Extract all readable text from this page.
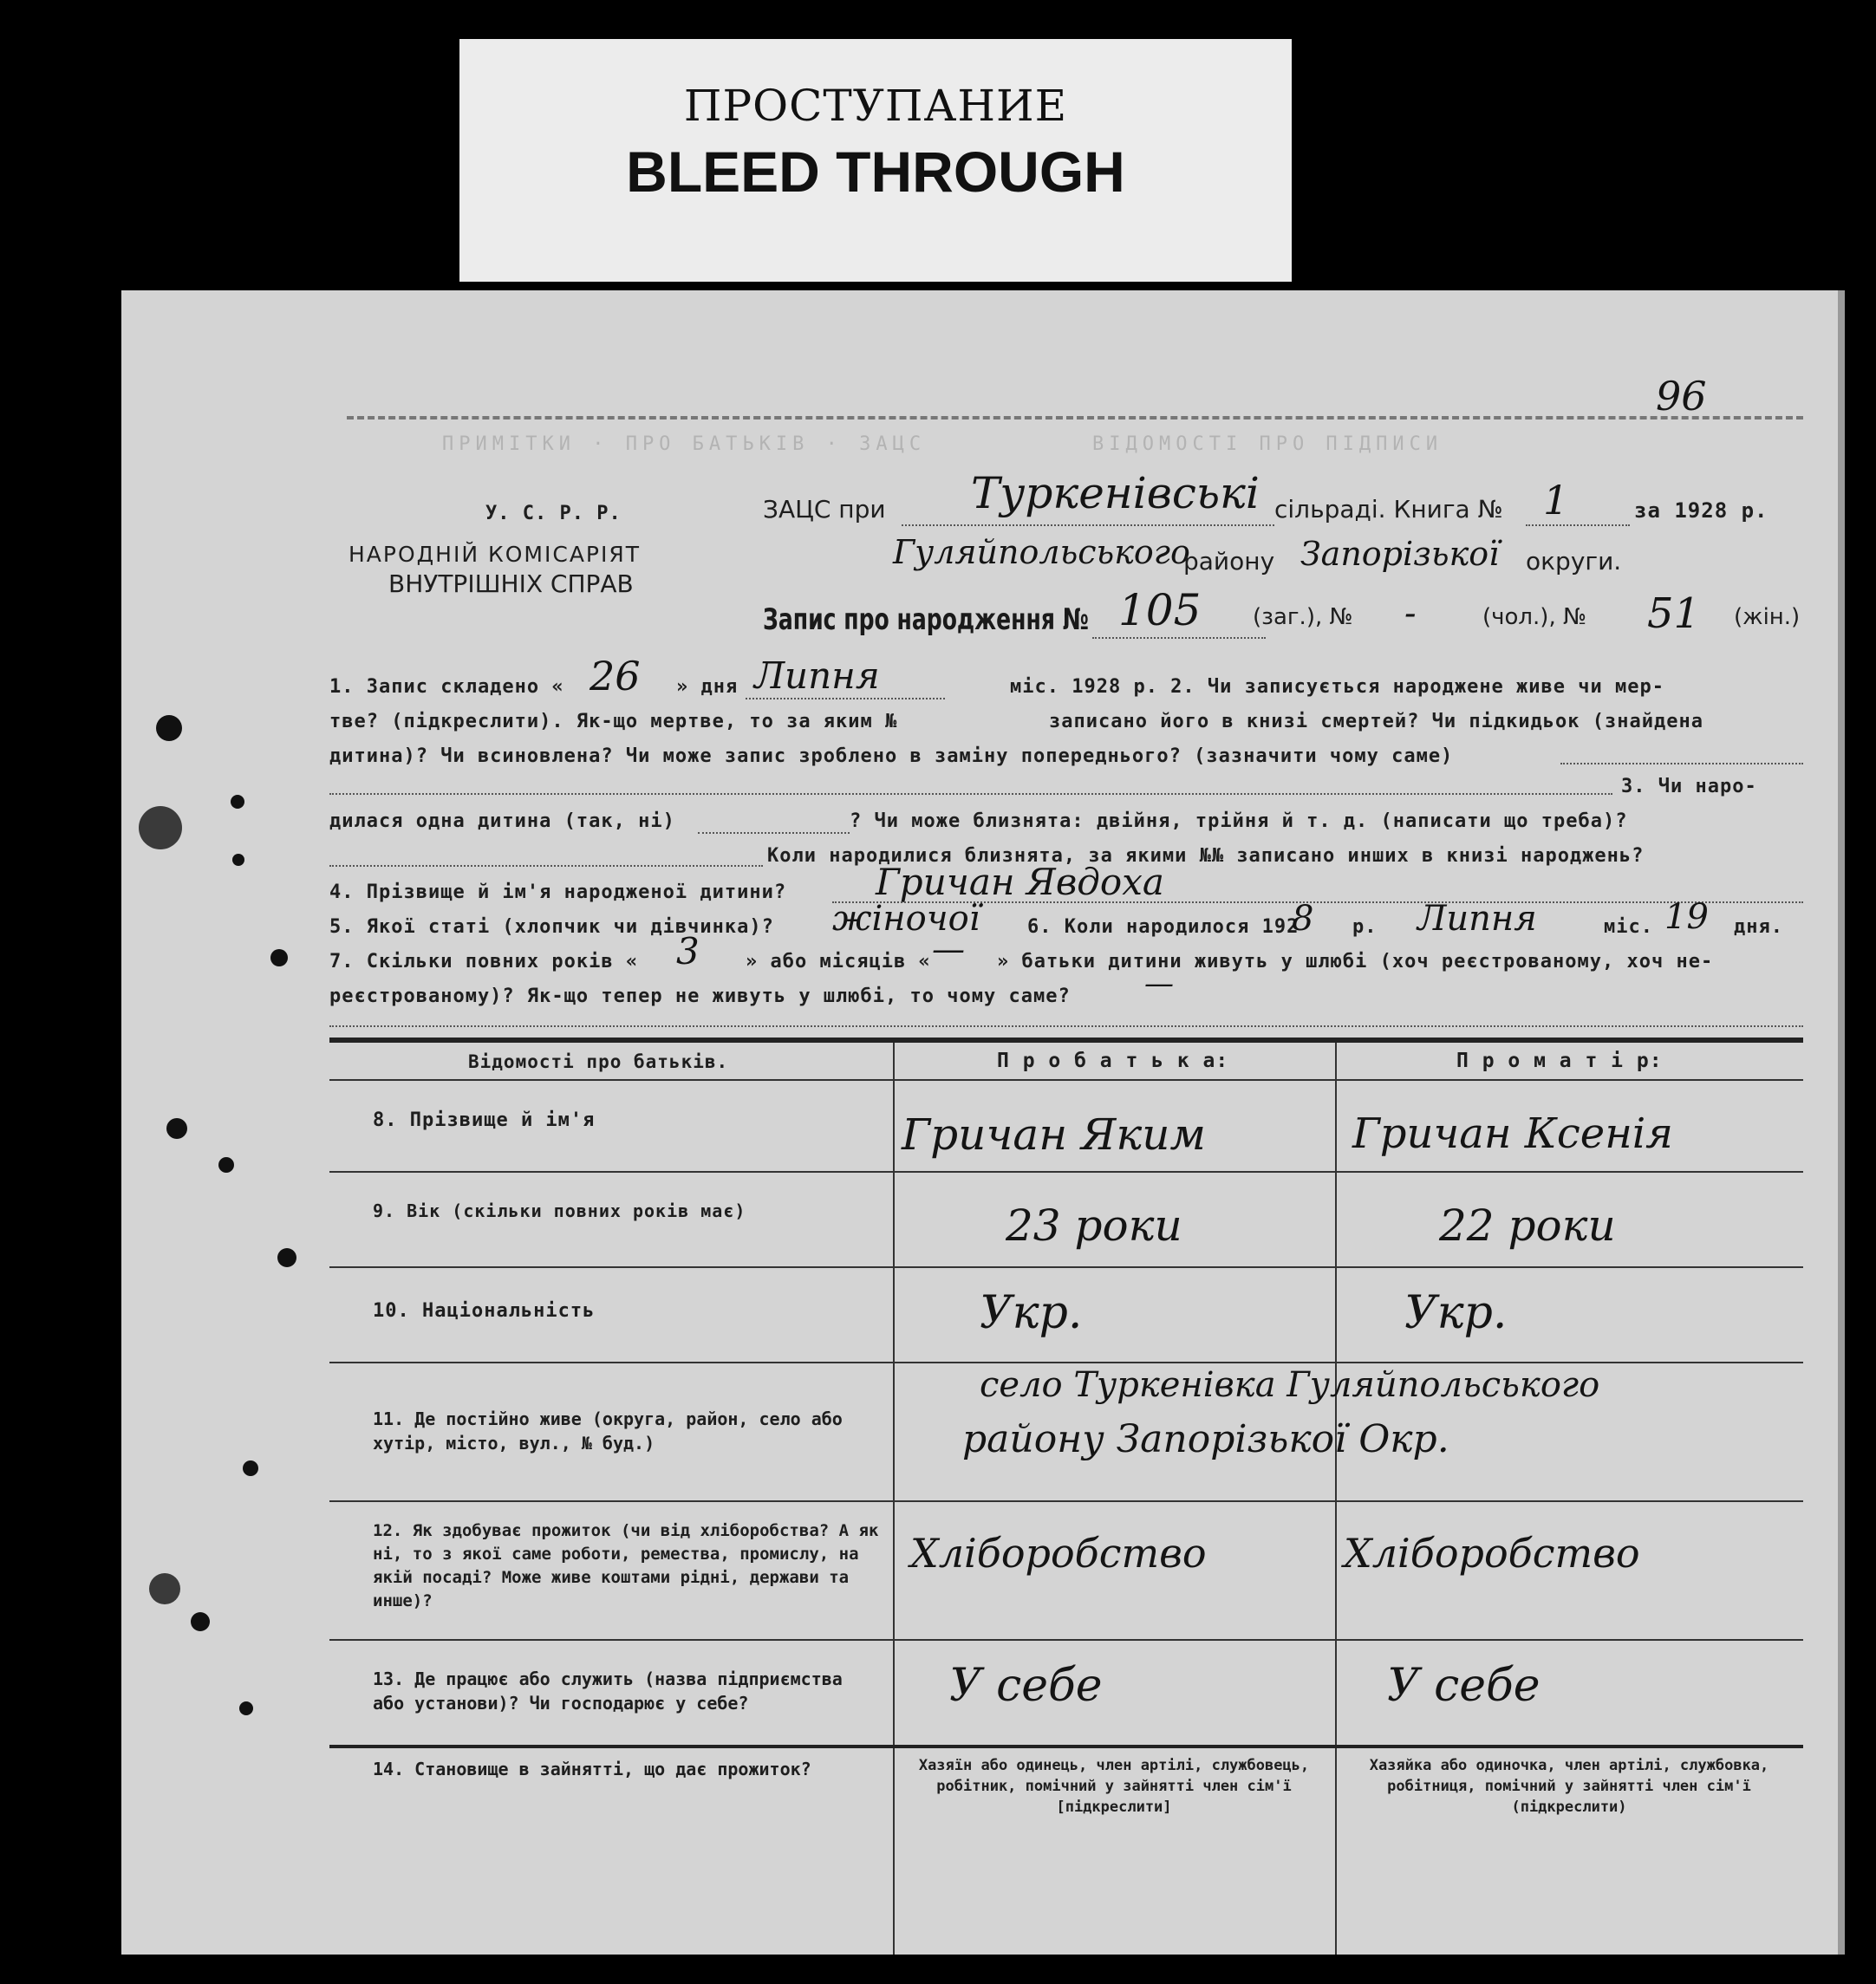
ПРОСТУПАНИЕ
BLEED THROUGH
ПРИМІТКИ · ПРО БАТЬКІВ · ЗАЦС	ВІДОМОСТІ ПРО ПІДПИСИ
96
У. С. Р. Р.
НАРОДНІЙ КОМІСАРІЯТ
ВНУТРІШНІХ СПРАВ
ЗАЦС при Туркенівські сільраді. Книга № 1	за 1928 р.
Гуляйпольського
району Запорізької округи.
Запис про народження № 105 (заг.), № -	(чол.), № 51 (жін.)
1. Запис складено « 26 » дня Липня	міс. 1928 р. 2. Чи записується народжене живе чи мер-
тве? (підкреслити). Як-що мертве, то за яким №	записано його в книзі смертей? Чи підкидьок (знайдена
дитина)? Чи всиновлена? Чи може запис зроблено в заміну попереднього? (зазначити чому саме)
3. Чи наро-
дилася одна дитина (так, ні)	? Чи може близнята: двійня, трійня й т. д. (написати що треба)?
Коли народилися близнята, за якими №№ записано инших в книзі народжень?
4. Прізвище й ім'я народженої дитини? Гричан Явдоха
5. Якої статі (хлопчик чи дівчинка)? жіночої 6. Коли народилося 192
8 р. Липня	міс. 19 дня.
7. Скільки повних років « 3 » або місяців « — » батьки дитини живуть у шлюбі (хоч реєстрованому, хоч не-
реєстрованому)? Як-що тепер не живуть у шлюбі, то чому саме?	—
Відомості про батьків.	П р о б а т ь к а:	П р о м а т і р:
8. Прізвище й ім'я	Гричан Яким	Гричан Ксенія
9. Вік (скільки повних років має)	23 роки	22 роки
10. Національність	Укр.	Укр.
11. Де постійно живе (округа, район, село або хутір, місто, вул., № буд.)
село Туркенівка Гуляйпольського
району Запорізької Окр.
12. Як здобуває прожиток (чи від хліборобства? А як ні, то з якої саме роботи, ремества, промислу, на якій посаді? Може живе коштами рідні, держави та инше)?
Хліборобство	Хліборобство
13. Де працює або служить (назва підприємства або установи)? Чи господарює у себе?	У себе	У себе
14. Становище в зайнятті, що дає прожиток?	Хазяїн або одинець, член артілі, службовець, робітник, помічний у зайнятті член сім'ї [підкреслити]
Хазяйка або одиночка, член артілі, службовка, робітниця, помічний у зайнятті член сім'ї (підкреслити)
